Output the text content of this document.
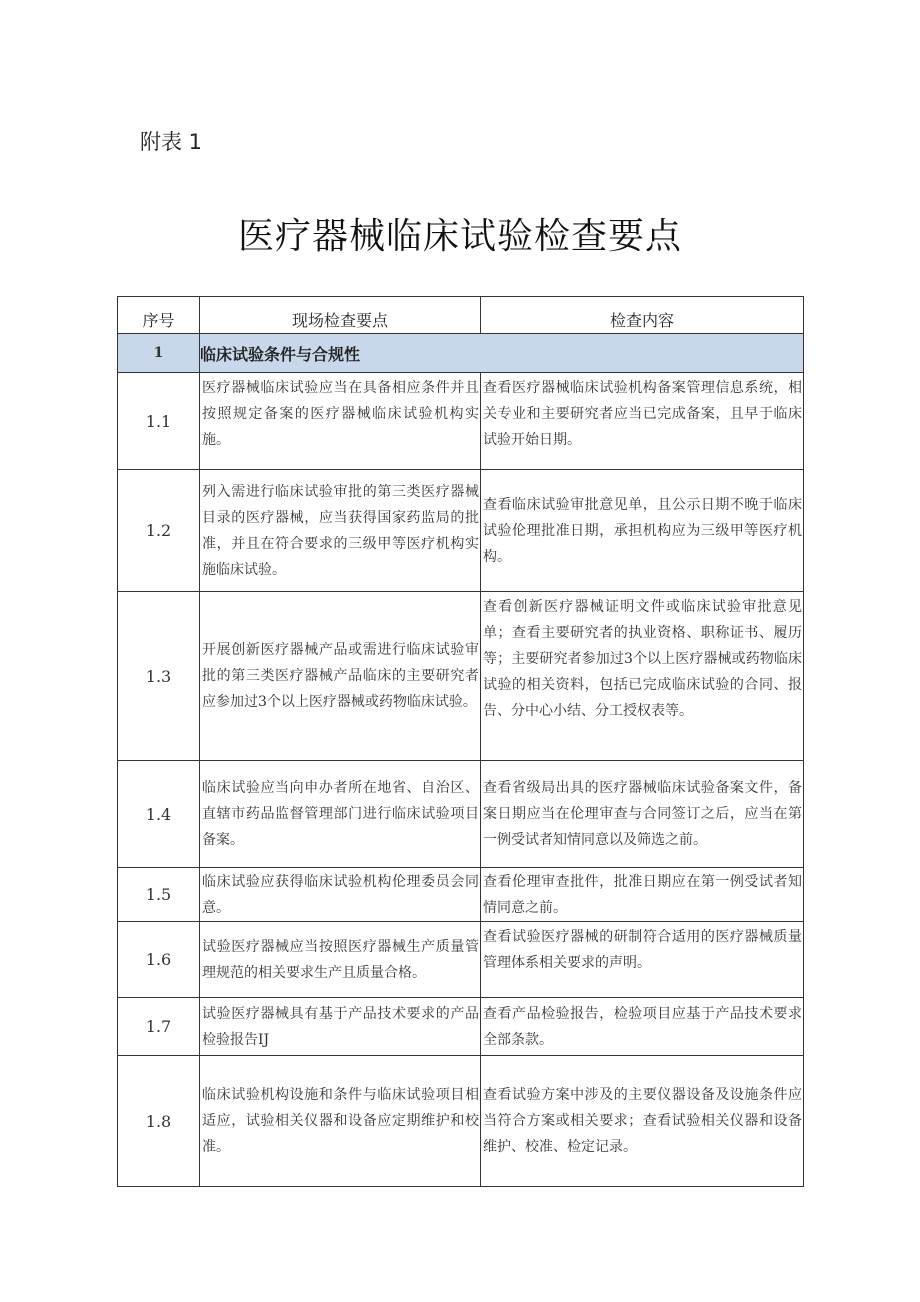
附表 1
医疗器械临床试验检查要点
序号	现场检查要点	检查内容
1	临床试验条件与合规性	
1.1	医疗器械临床试验应当在具备相应条件并且按照规定备案的医疗器械临床试验机构实施。	查看医疗器械临床试验机构备案管理信息系统，相关专业和主要研究者应当已完成备案，且早于临床试验开始日期。
1.2	列入需进行临床试验审批的第三类医疗器械目录的医疗器械，应当获得国家药监局的批准，并且在符合要求的三级甲等医疗机构实施临床试验。	查看临床试验审批意见单，且公示日期不晚于临床试验伦理批准日期，承担机构应为三级甲等医疗机构。
1.3	开展创新医疗器械产品或需进行临床试验审批的第三类医疗器械产品临床的主要研究者应参加过3个以上医疗器械或药物临床试验。	查看创新医疗器械证明文件或临床试验审批意见单；查看主要研究者的执业资格、职称证书、履历等；主要研究者参加过3个以上医疗器械或药物临床试验的相关资料，包括已完成临床试验的合同、报告、分中心小结、分工授权表等。
1.4	临床试验应当向申办者所在地省、自治区、直辖市药品监督管理部门进行临床试验项目备案。	查看省级局出具的医疗器械临床试验备案文件，备案日期应当在伦理审查与合同签订之后，应当在第一例受试者知情同意以及筛选之前。
1.5	临床试验应获得临床试验机构伦理委员会同意。	查看伦理审查批件，批准日期应在第一例受试者知情同意之前。
1.6	试验医疗器械应当按照医疗器械生产质量管理规范的相关要求生产且质量合格。	查看试验医疗器械的研制符合适用的医疗器械质量管理体系相关要求的声明。
1.7	试验医疗器械具有基于产品技术要求的产品检验报告IJ	查看产品检验报告，检验项目应基于产品技术要求全部条款。
1.8	临床试验机构设施和条件与临床试验项目相适应，试验相关仪器和设备应定期维护和校准。	查看试验方案中涉及的主要仪器设备及设施条件应当符合方案或相关要求；查看试验相关仪器和设备维护、校准、检定记录。
